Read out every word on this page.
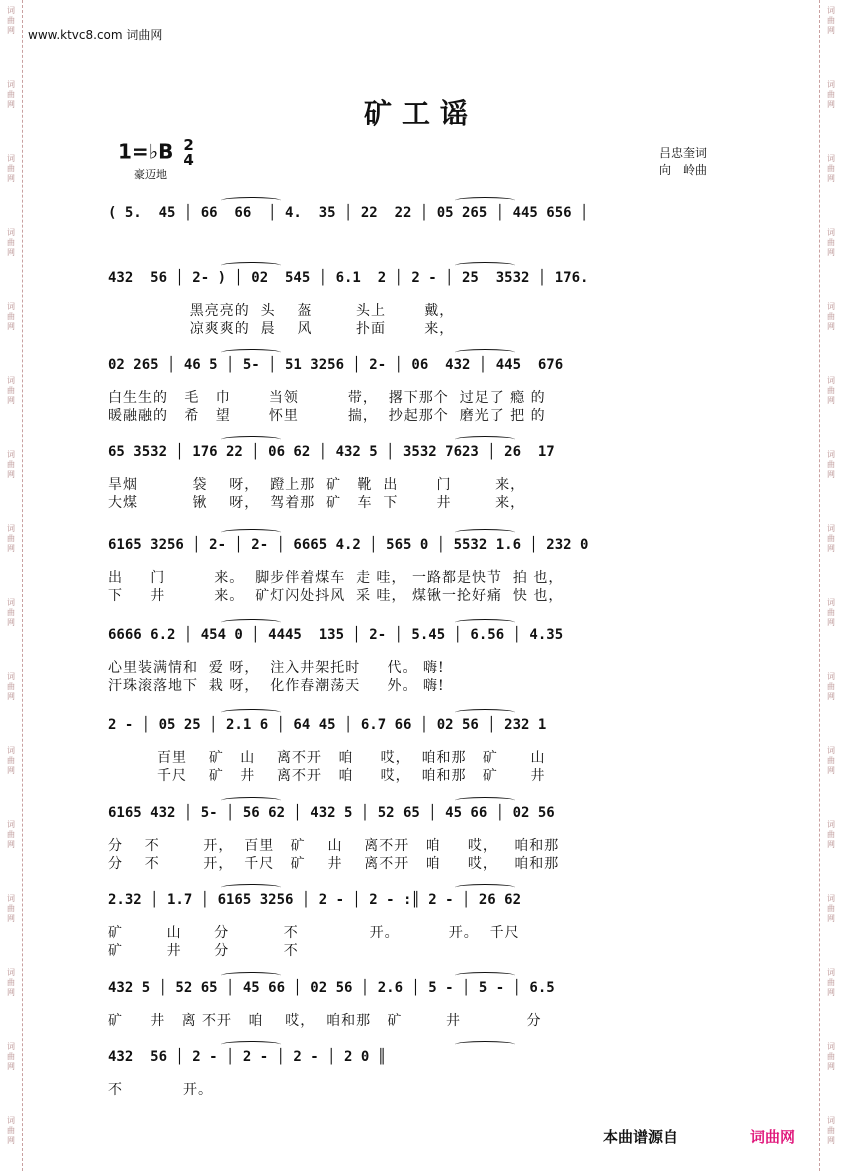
词
曲
网
词
曲
网
词
曲
网
词
曲
网
词
曲
网
词
曲
网
词
曲
网
词
曲
网
词
曲
网
词
曲
网
词
曲
网
词
曲
网
词
曲
网
词
曲
网
词
曲
网
词
曲
网
词
曲
网
词
曲
网
词
曲
网
词
曲
网
词
曲
网
词
曲
网
词
曲
网
词
曲
网
词
曲
网
词
曲
网
词
曲
网
词
曲
网
词
曲
网
词
曲
网
词
曲
网
词
曲
网
www.ktvc8.com 词曲网
矿工谣
1=♭B 2
4
豪迈地
吕忠奎词
向　岭曲
( 5.  45 │ 66  66  │ 4.  35 │ 22  22 │ 05 265 │ 445 656 │
432  56 │ 2- ) │ 02  545 │ 6.1  2 │ 2 - │ 25  3532 │ 176.
黑亮亮的  头    盔        头上       戴，
凉爽爽的  晨    风        扑面       来，
02 265 │ 46 5 │ 5- │ 51 3256 │ 2- │ 06  432 │ 445  676
白生生的   毛   巾       当领         带，  撂下那个  过足了 瘾 的
暖融融的   希   望       怀里         揣，  抄起那个  磨光了 把 的
65 3532 │ 176 22 │ 06 62 │ 432 5 │ 3532 7623 │ 26  17
旱烟          袋    呀，  蹬上那  矿   靴  出       门        来，
大煤          锹    呀，  驾着那  矿   车  下       井        来，
6165 3256 │ 2- │ 2- │ 6665 4.2 │ 565 0 │ 5532 1.6 │ 232 0
出     门         来。  脚步伴着煤车  走 哇， 一路都是快节  拍 也，
下     井         来。  矿灯闪处抖风  采 哇， 煤锹一抡好痛  快 也，
6666 6.2 │ 454 0 │ 4445  135 │ 2- │ 5.45 │ 6.56 │ 4.35
心里装满情和  爱 呀，  注入井架托时     代。 嗨!
汗珠滚落地下  栽 呀，  化作春潮荡天     外。 嗨!
2 - │ 05 25 │ 2.1 6 │ 64 45 │ 6.7 66 │ 02 56 │ 232 1
百里    矿   山    离不开   咱     哎，  咱和那   矿      山
千尺    矿   井    离不开   咱     哎，  咱和那   矿      井
6165 432 │ 5- │ 56 62 │ 432 5 │ 52 65 │ 45 66 │ 02 56
分    不        开，  百里   矿    山    离不开   咱     哎，   咱和那
分    不        开，  千尺   矿    井    离不开   咱     哎，   咱和那
2.32 │ 1.7 │ 6165 3256 │ 2 - │ 2 - :║ 2 - │ 26 62
矿        山      分          不             开。         开。  千尺
矿        井      分          不
432 5 │ 52 65 │ 45 66 │ 02 56 │ 2.6 │ 5 - │ 5 - │ 6.5
矿     井   离 不开   咱    哎，  咱和那   矿        井            分
432  56 │ 2 - │ 2 - │ 2 - │ 2 0 ║
不           开。
本曲谱源自	词曲网
